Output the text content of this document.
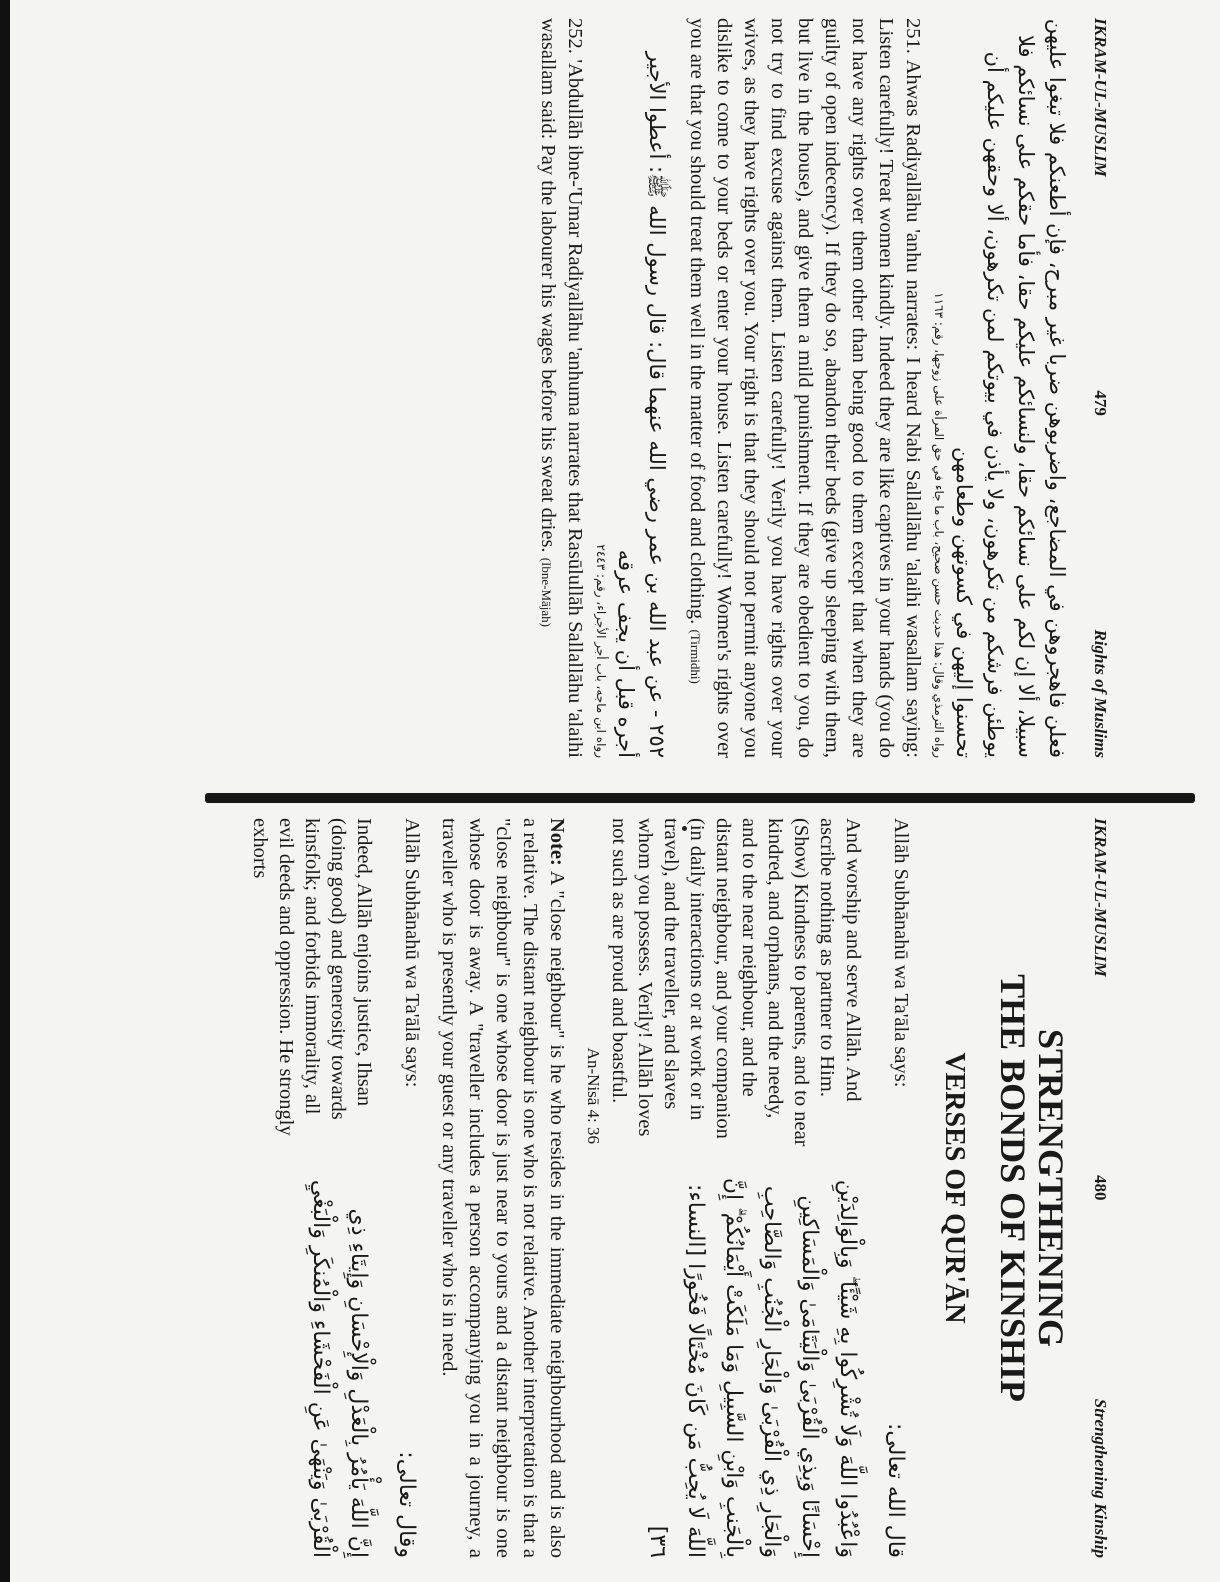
IKRAM-UL-MUSLIM
479
Rights of Muslims
فعلن فاهجروهن في المضاجع، واضربوهن ضربا غير مبرح، فإن أطعنكم فلا تبغوا عليهن سبيلا، ألا إن لكم على نسائكم حقا، ولنسائكم عليكم حقا، فأما حقكم على نسائكم فلا يوطئن فرشكم من تكرهون، ولا يأذن في بيوتكم لمن تكرهون، ألا وحقهن عليكم أن تحسنوا إليهن في كسوتهن وطعامهن
رواه الترمذي وقال: هذا حديث حسن صحيح، باب ما جاء في حق المرأة على زوجها، رقم: ١١٦٣

251. Ahwas Radiyallāhu 'anhu narrates: I heard Nabi Sallallāhu 'alaihi wasallam saying: Listen carefully! Treat women kindly. Indeed they are like captives in your hands (you do not have any rights over them other than being good to them except that when they are guilty of open indecency). If they do so, abandon their beds (give up sleeping with them, but live in the house), and give them a mild punishment. If they are obedient to you, do not try to find excuse against them. Listen carefully! Verily you have rights over your wives, as they have rights over you. Your right is that they should not permit anyone you dislike to come to your beds or enter your house. Listen carefully! Women's rights over you are that you should treat them well in the matter of food and clothing. (Tirmidhi)

٢٥٢ - عن عبد الله بن عمر رضي الله عنهما قال: قال رسول الله ﷺ: أعطوا الأجير أجره قبل أن يجف عرقه
رواه ابن ماجه، باب أجر الأجراء، رقم: ٢٤٤٣

252. 'Abdullāh ibne-'Umar Radiyallāhu 'anhuma narrates that Rasūlullāh Sallallāhu 'alaihi wasallam said: Pay the labourer his wages before his sweat dries. (Ibne-Mājah)

IKRAM-UL-MUSLIM
480
Strengthening Kinship
STRENGTHENING
THE BONDS OF KINSHIP
VERSES OF QUR'ĀN
Allāh Subhānahū wa Ta'āla says:
قال الله تعالى:
And worship and serve Allāh. And ascribe nothing as partner to Him. (Show) Kindness to parents, and to near kindred, and orphans, and the needy, and to the near neighbour, and the distant neighbour, and your companion (in daily interactions or at work or in travel), and the traveller, and slaves whom you possess. Verily! Allāh loves not such as are proud and boastful.
An-Nisā 4: 36
وَاعْبُدُوا اللَّهَ وَلَا تُشْرِكُوا بِهِ شَيْئًا ۖ وَبِالْوَالِدَيْنِ إِحْسَانًا وَبِذِي الْقُرْبَىٰ وَالْيَتَامَىٰ وَالْمَسَاكِينِ وَالْجَارِ ذِي الْقُرْبَىٰ وَالْجَارِ الْجُنُبِ وَالصَّاحِبِ بِالْجَنبِ وَابْنِ السَّبِيلِ وَمَا مَلَكَتْ أَيْمَانُكُمْ ۗ إِنَّ اللَّهَ لَا يُحِبُّ مَن كَانَ مُخْتَالًا فَخُورًا [النساء: ٣٦]

Note: A "close neighbour" is he who resides in the immediate neighbourhood and is also a relative. The distant neighbour is one who is not relative. Another interpretation is that a "close neighbour" is one whose door is just near to yours and a distant neighbour is one whose door is away. A "traveller includes a person accompanying you in a journey, a traveller who is presently your guest or any traveller who is in need.

Allāh Subhānahū wa Ta'ālā says:
وقال تعالى:
Indeed, Allāh enjoins justice, Ihsan (doing good) and generosity towards kinsfolk; and forbids immorality, all evil deeds and oppression. He strongly exhorts
إِنَّ اللَّهَ يَأْمُرُ بِالْعَدْلِ وَالْإِحْسَانِ وَإِيتَاءِ ذِي الْقُرْبَىٰ وَيَنْهَىٰ عَنِ الْفَحْشَاءِ وَالْمُنكَرِ وَالْبَغْيِ
